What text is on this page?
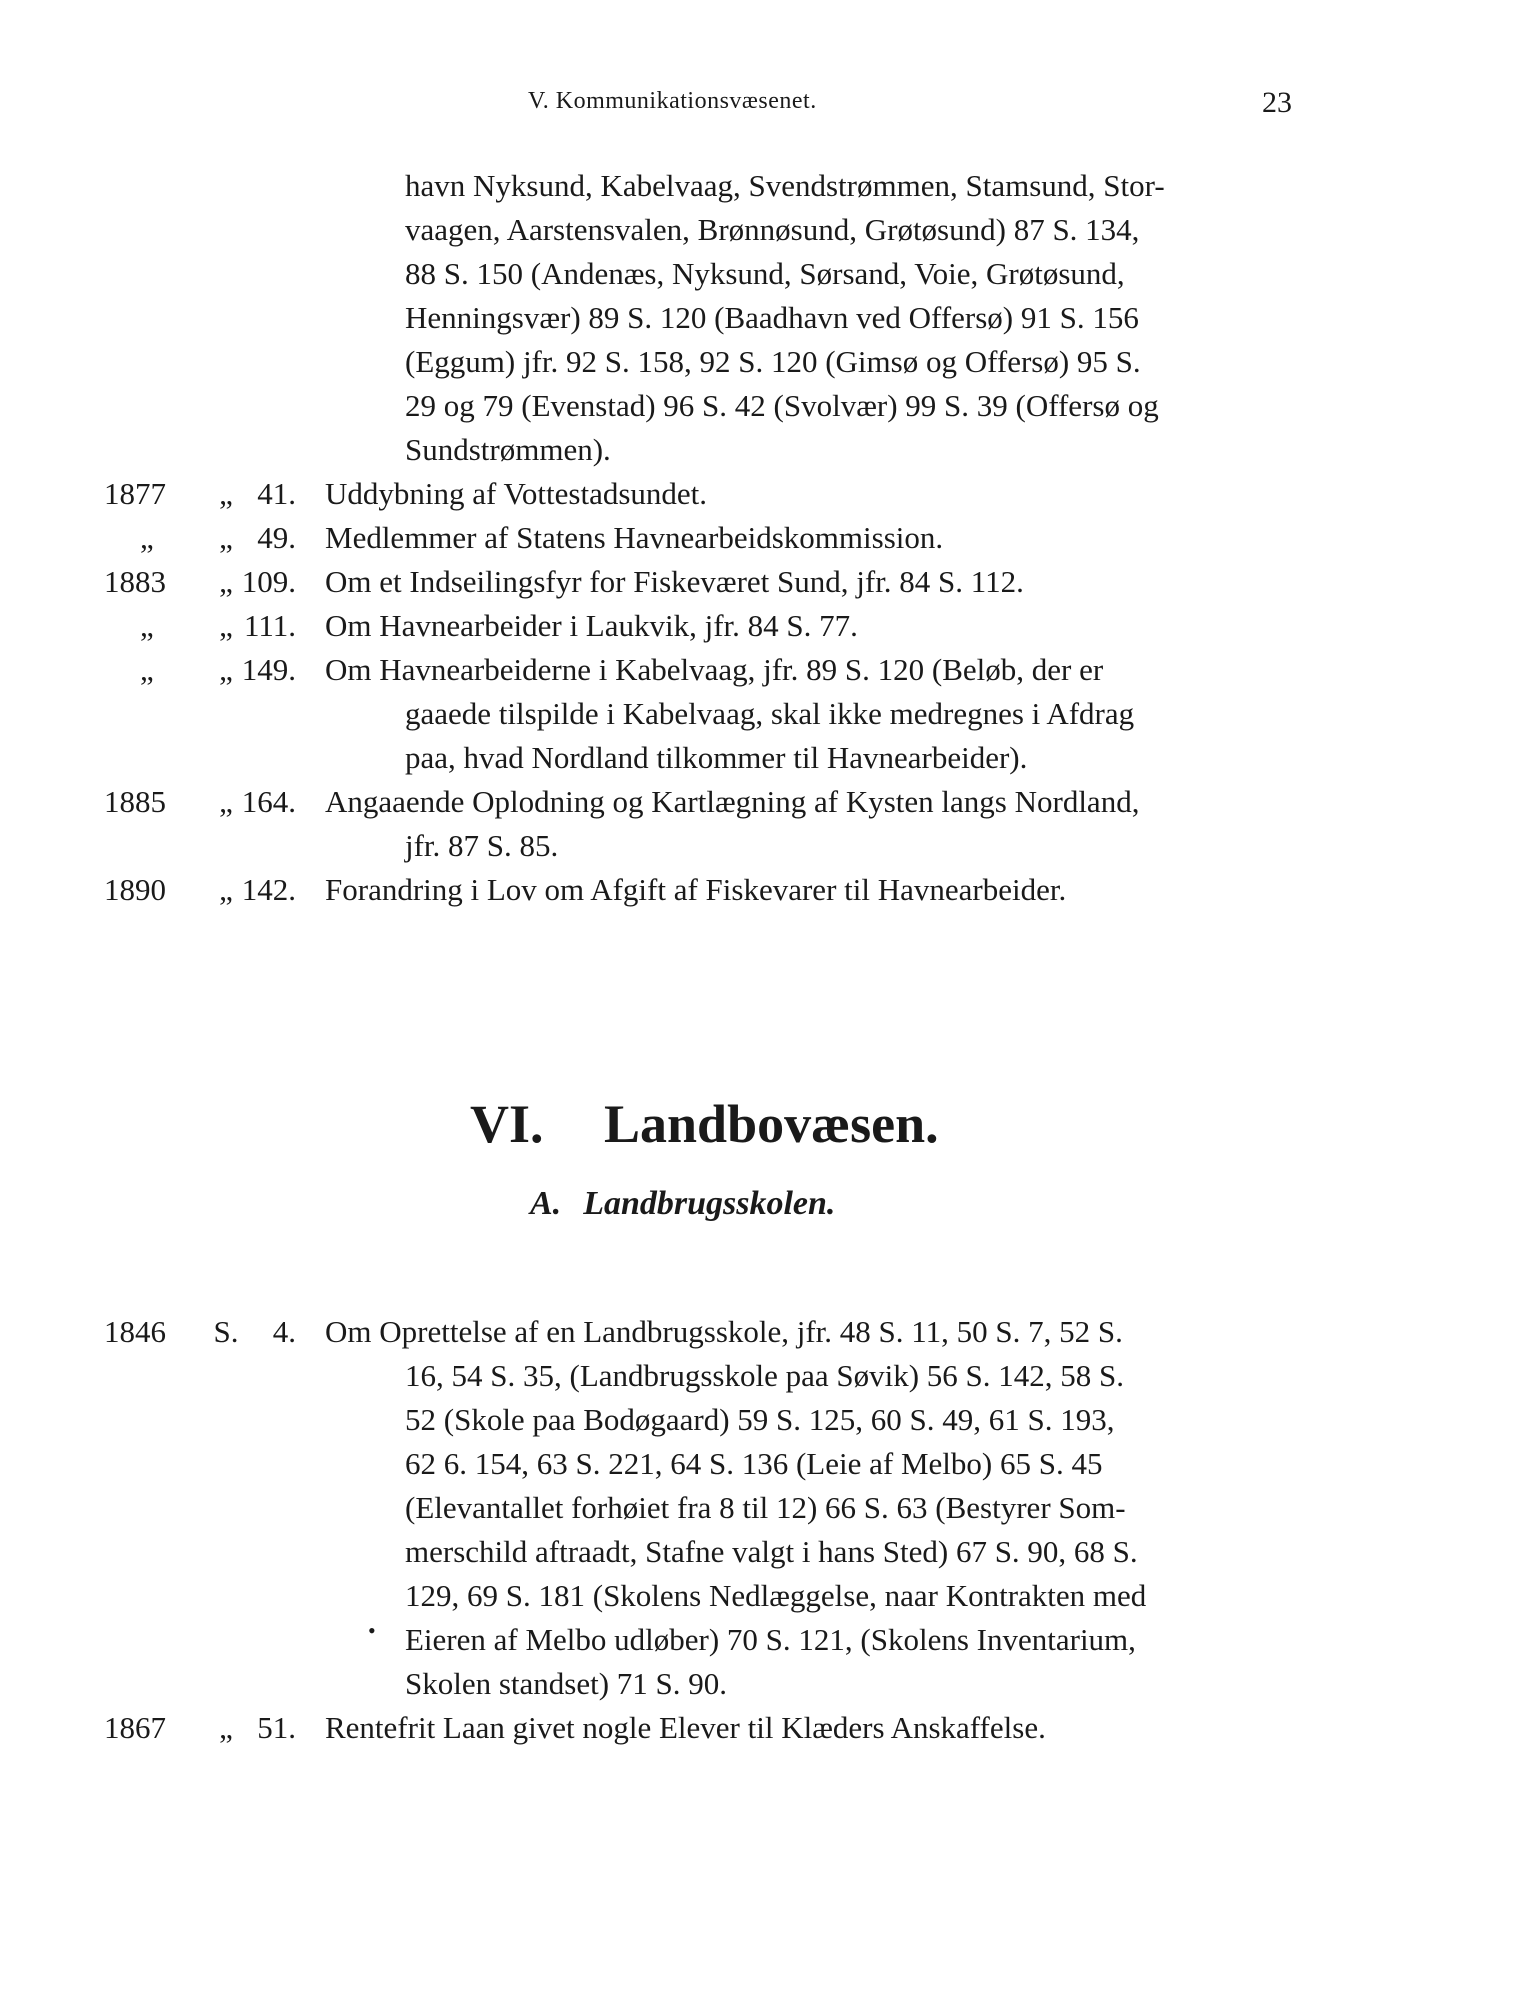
V. Kommunikationsvæsenet.	23
havn Nyksund, Kabelvaag, Svendstrømmen, Stamsund, Stor-
vaagen, Aarstensvalen, Brønnøsund, Grøtøsund) 87 S. 134,
88 S. 150 (Andenæs, Nyksund, Sørsand, Voie, Grøtøsund,
Henningsvær) 89 S. 120 (Baadhavn ved Offersø) 91 S. 156
(Eggum) jfr. 92 S. 158, 92 S. 120 (Gimsø og Offersø) 95 S.
29 og 79 (Evenstad) 96 S. 42 (Svolvær) 99 S. 39 (Offersø og
Sundstrømmen).
1877	„ 41. Uddybning af Vottestadsundet.
„	„ 49. Medlemmer af Statens Havnearbeidskommission.
1883	„ 109. Om et Indseilingsfyr for Fiskeværet Sund, jfr. 84 S. 112.
„	„ 111. Om Havnearbeider i Laukvik, jfr. 84 S. 77.
„	„ 149. Om Havnearbeiderne i Kabelvaag, jfr. 89 S. 120 (Beløb, der er
gaaede tilspilde i Kabelvaag, skal ikke medregnes i Afdrag
paa, hvad Nordland tilkommer til Havnearbeider).
1885	„ 164. Angaaende Oplodning og Kartlægning af Kysten langs Nordland,
jfr. 87 S. 85.
1890	„ 142. Forandring i Lov om Afgift af Fiskevarer til Havnearbeider.
VI. Landbovæsen.
A. Landbrugsskolen.
1846	S.	4. Om Oprettelse af en Landbrugsskole, jfr. 48 S. 11, 50 S. 7, 52 S.
16, 54 S. 35, (Landbrugsskole paa Søvik) 56 S. 142, 58 S.
52 (Skole paa Bodøgaard) 59 S. 125, 60 S. 49, 61 S. 193,
62 6. 154, 63 S. 221, 64 S. 136 (Leie af Melbo) 65 S. 45
(Elevantallet forhøiet fra 8 til 12) 66 S. 63 (Bestyrer Som-
merschild aftraadt, Stafne valgt i hans Sted) 67 S. 90, 68 S.
129, 69 S. 181 (Skolens Nedlæggelse, naar Kontrakten med
• Eieren af Melbo udløber) 70 S. 121, (Skolens Inventarium,
Skolen standset) 71 S. 90.
1867	„ 51. Rentefrit Laan givet nogle Elever til Klæders Anskaffelse.
